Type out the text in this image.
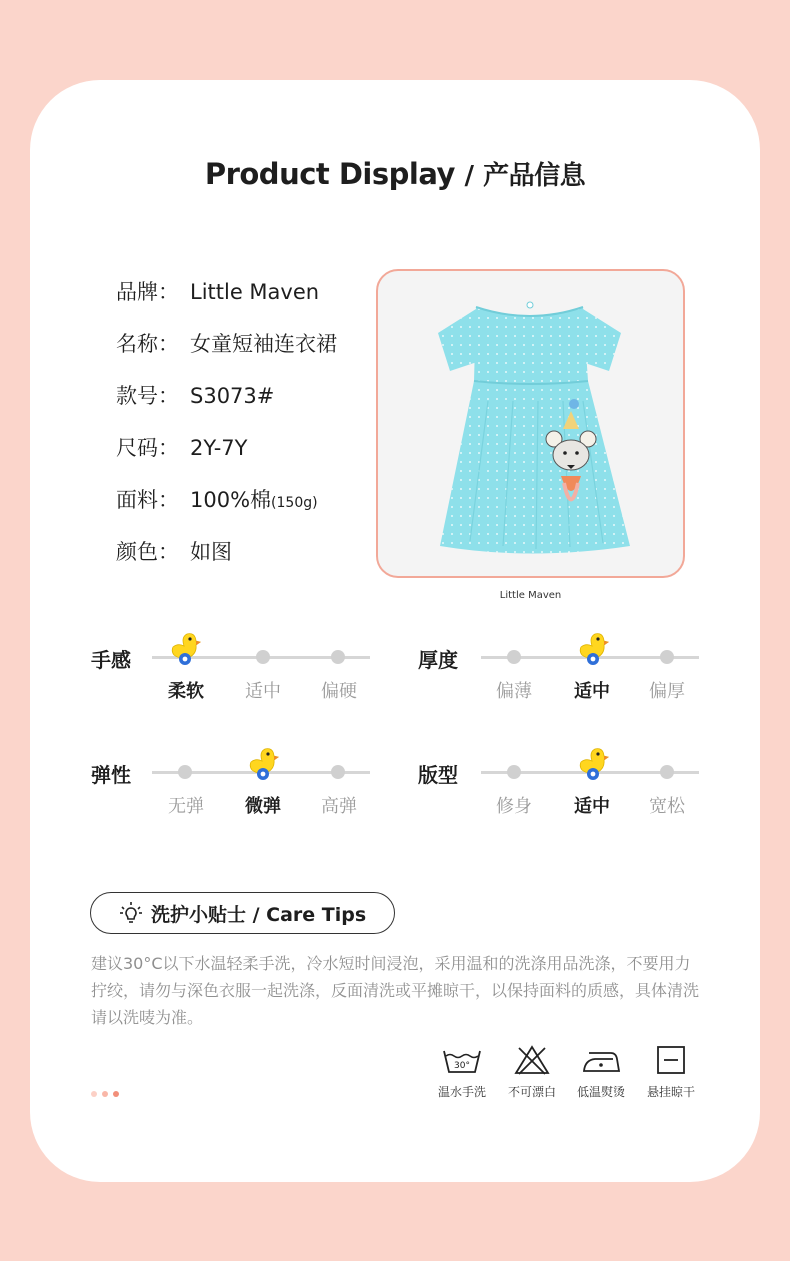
Product Display / 产品信息
品牌： Little Maven
名称： 女童短袖连衣裙
款号： S3073#
尺码： 2Y-7Y
面料： 100%棉(150g)
颜色： 如图
Little Maven
手感
柔软	适中	偏硬
厚度
偏薄	适中	偏厚
弹性
无弹	微弹	高弹
版型
修身	适中	宽松
洗护小贴士 / Care Tips
建议30°C以下水温轻柔手洗，冷水短时间浸泡，采用温和的洗涤用品洗涤，不要用力拧绞，请勿与深色衣服一起洗涤，反面清洗或平摊晾干，以保持面料的质感，具体清洗请以洗唛为准。
30°
温水手洗	不可漂白	低温熨烫	悬挂晾干
